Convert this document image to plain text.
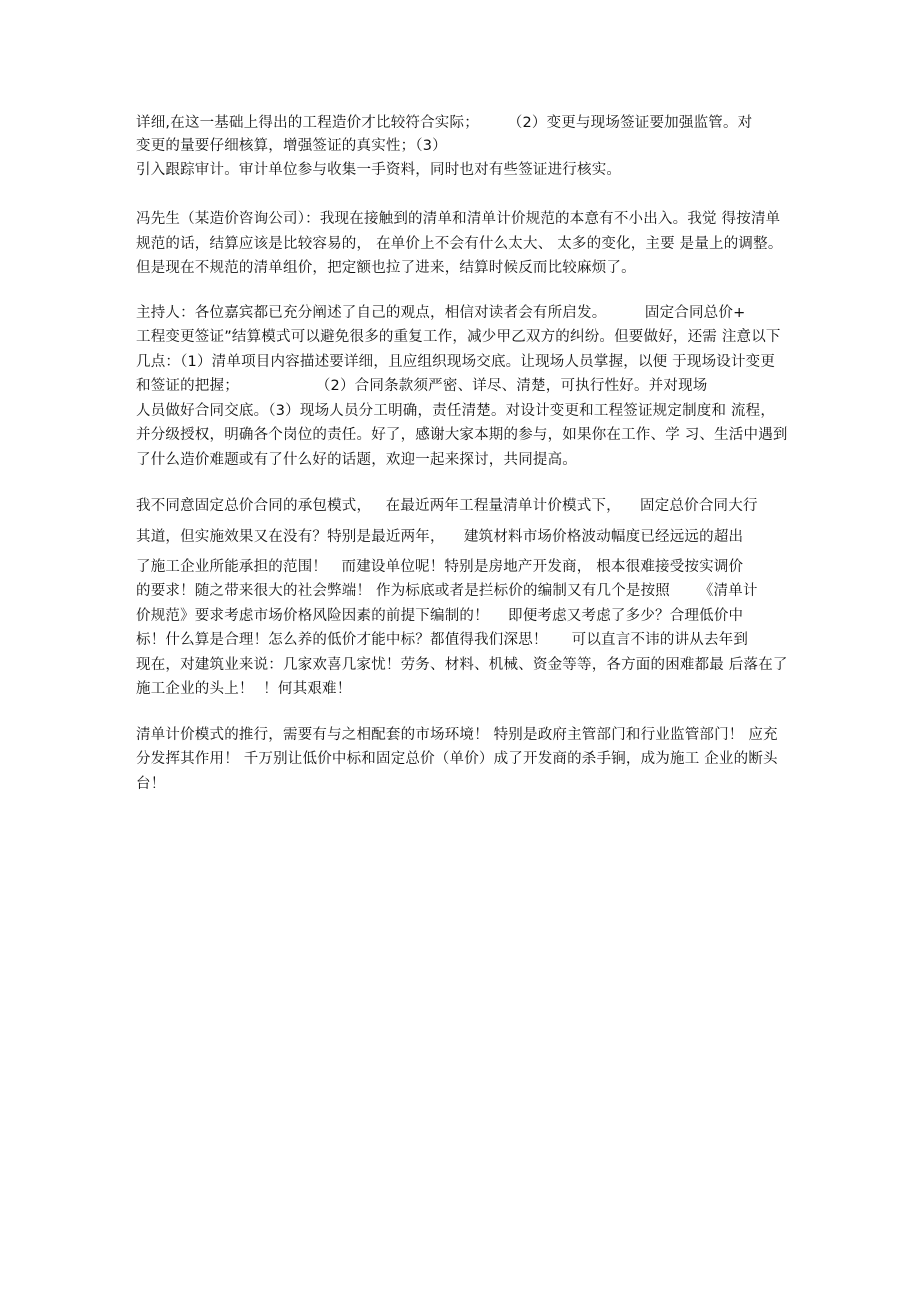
详细,在这一基础上得出的工程造价才比较符合实际；      （2）变更与现场签证要加强监管。对
变更的量要仔细核算，增强签证的真实性；（3）
引入跟踪审计。审计单位参与收集一手资料，同时也对有些签证进行核实。
冯先生（某造价咨询公司）：我现在接触到的清单和清单计价规范的本意有不小出入。我觉 得按清单
规范的话，结算应该是比较容易的， 在单价上不会有什么太大、 太多的变化，主要 是量上的调整。
但是现在不规范的清单组价，把定额也拉了进来，结算时候反而比较麻烦了。
主持人：各位嘉宾都已充分阐述了自己的观点，相信对读者会有所启发。        固定合同总价+
工程变更签证”结算模式可以避免很多的重复工作，减少甲乙双方的纠纷。但要做好，还需 注意以下
几点：（1）清单项目内容描述要详细，且应组织现场交底。让现场人员掌握，以便 于现场设计变更
和签证的把握；                （2）合同条款须严密、详尽、清楚，可执行性好。并对现场
人员做好合同交底。（3）现场人员分工明确，责任清楚。对设计变更和工程签证规定制度和 流程，
并分级授权，明确各个岗位的责任。好了，感谢大家本期的参与，如果你在工作、学 习、生活中遇到
了什么造价难题或有了什么好的话题，欢迎一起来探讨，共同提高。
我不同意固定总价合同的承包模式，   在最近两年工程量清单计价模式下，    固定总价合同大行
其道，但实施效果又在没有？特别是最近两年，    建筑材料市场价格波动幅度已经远远的超出
了施工企业所能承担的范围！   而建设单位呢！特别是房地产开发商， 根本很难接受按实调价
的要求！随之带来很大的社会弊端！ 作为标底或者是拦标价的编制又有几个是按照      《清单计
价规范》要求考虑市场价格风险因素的前提下编制的！    即便考虑又考虑了多少？合理低价中
标！什么算是合理！怎么养的低价才能中标？都值得我们深思！     可以直言不讳的讲从去年到
现在，对建筑业来说：几家欢喜几家忧！劳务、材料、机械、资金等等，各方面的困难都最 后落在了
施工企业的头上！  ！何其艰难！
清单计价模式的推行，需要有与之相配套的市场环境！ 特别是政府主管部门和行业监管部门！ 应充
分发挥其作用！ 千万别让低价中标和固定总价（单价）成了开发商的杀手锏，成为施工 企业的断头
台！
